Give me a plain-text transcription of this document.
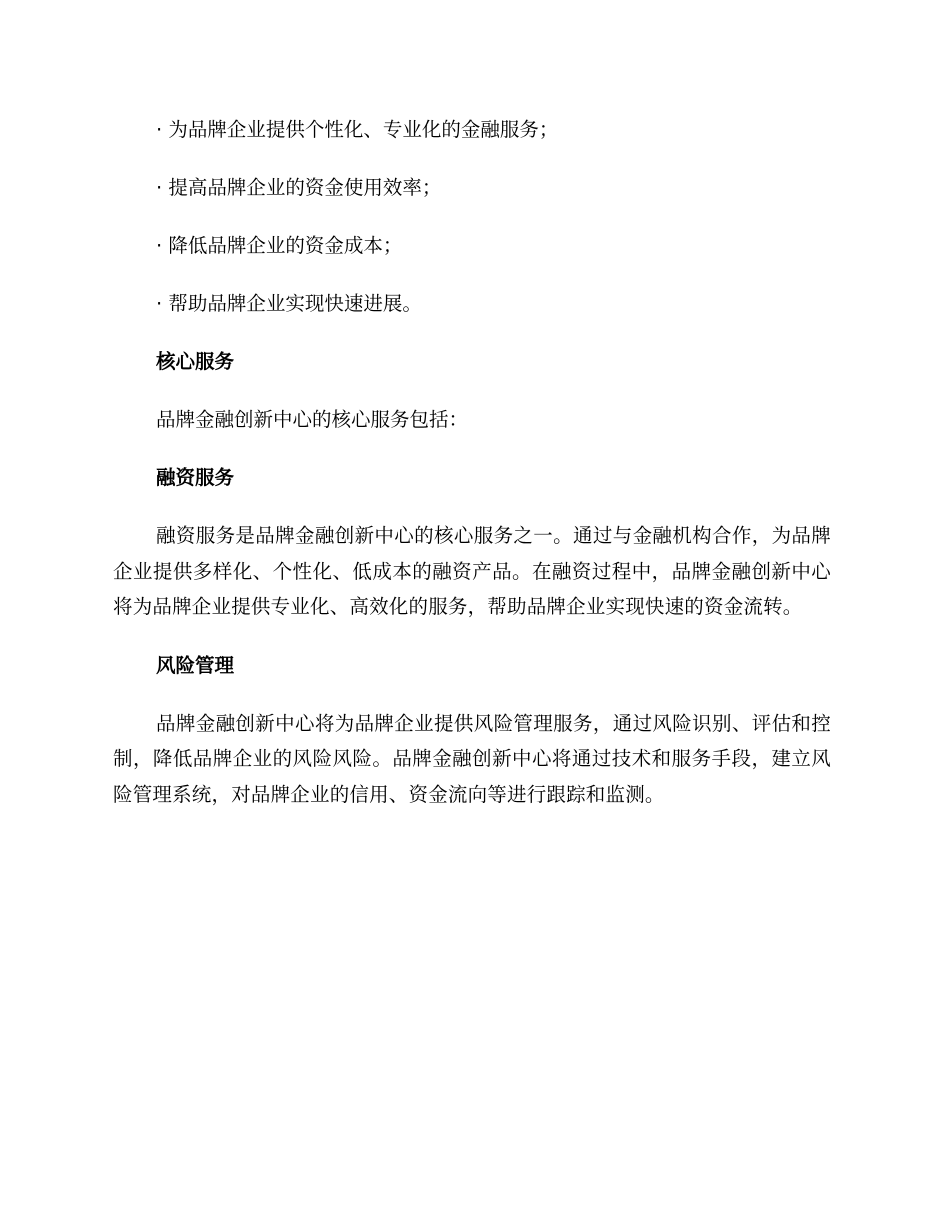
· 为品牌企业提供个性化、专业化的金融服务；
· 提高品牌企业的资金使用效率；
· 降低品牌企业的资金成本；
· 帮助品牌企业实现快速进展。
核心服务
品牌金融创新中心的核心服务包括：
融资服务

融资服务是品牌金融创新中心的核心服务之一。通过与金融机构合作，为品牌企业提供多样化、个性化、低成本的融资产品。在融资过程中，品牌金融创新中心将为品牌企业提供专业化、高效化的服务，帮助品牌企业实现快速的资金流转。

风险管理

品牌金融创新中心将为品牌企业提供风险管理服务，通过风险识别、评估和控制，降低品牌企业的风险风险。品牌金融创新中心将通过技术和服务手段，建立风险管理系统，对品牌企业的信用、资金流向等进行跟踪和监测。
